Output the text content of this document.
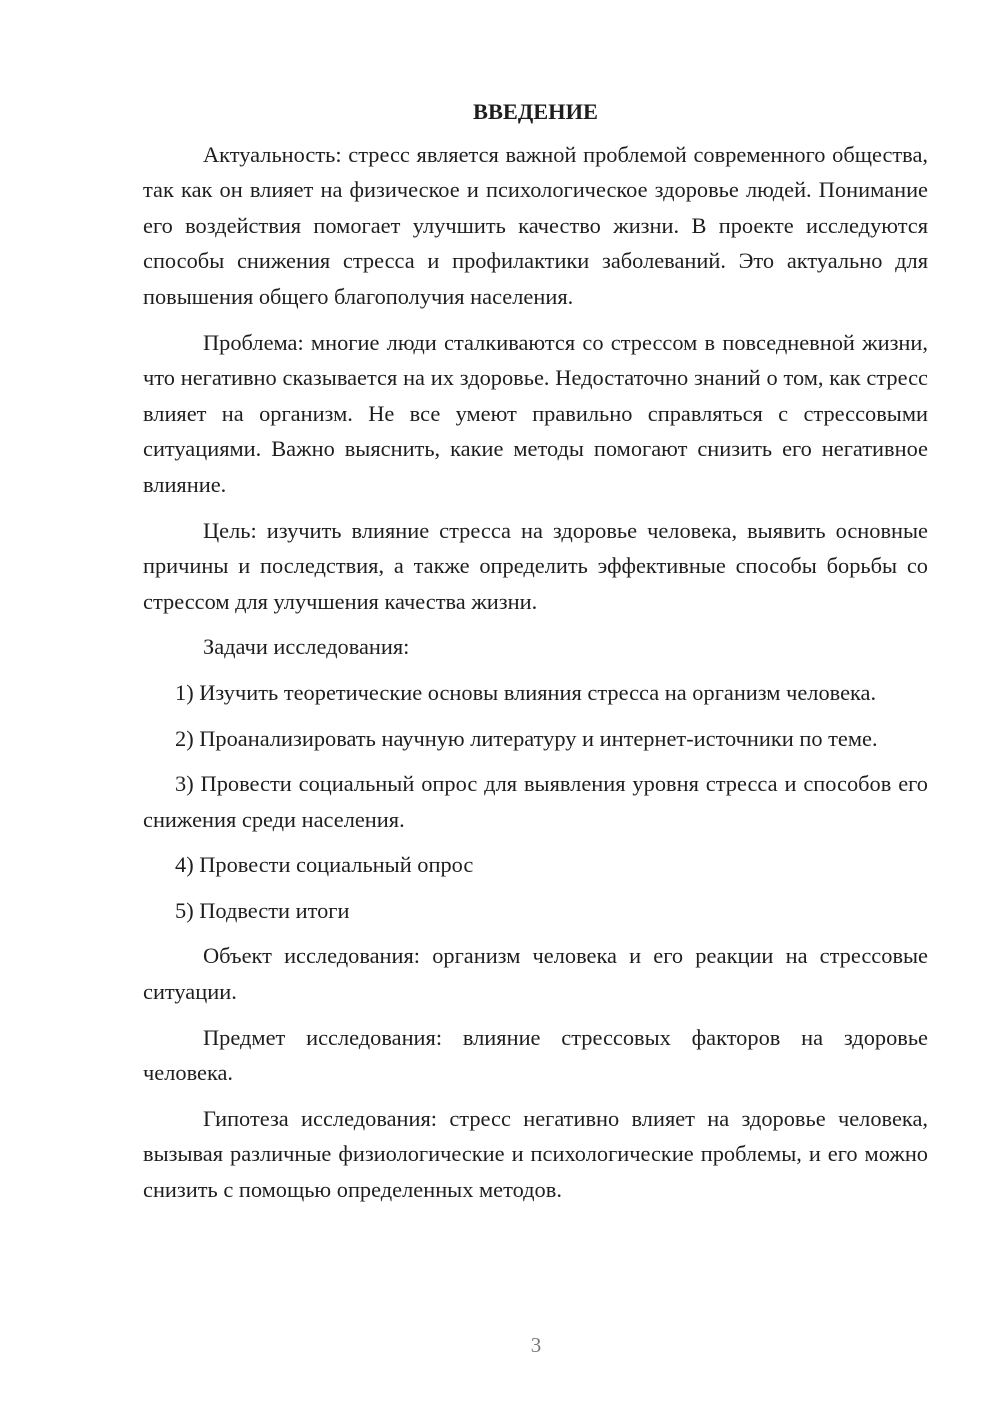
ВВЕДЕНИЕ

Актуальность: стресс является важной проблемой современного общества, так как он влияет на физическое и психологическое здоровье людей. Понимание его воздействия помогает улучшить качество жизни. В проекте исследуются способы снижения стресса и профилактики заболеваний. Это актуально для повышения общего благополучия населения.

Проблема: многие люди сталкиваются со стрессом в повседневной жизни, что негативно сказывается на их здоровье. Недостаточно знаний о том, как стресс влияет на организм. Не все умеют правильно справляться с стрессовыми ситуациями. Важно выяснить, какие методы помогают снизить его негативное влияние.

Цель: изучить влияние стресса на здоровье человека, выявить основные причины и последствия, а также определить эффективные способы борьбы со стрессом для улучшения качества жизни.

Задачи исследования:

1) Изучить теоретические основы влияния стресса на организм человека.

2) Проанализировать научную литературу и интернет-источники по теме.

3) Провести социальный опрос для выявления уровня стресса и способов его снижения среди населения.

4) Провести социальный опрос

5) Подвести итоги

Объект исследования: организм человека и его реакции на стрессовые ситуации.

Предмет исследования: влияние стрессовых факторов на здоровье человека.

Гипотеза исследования: стресс негативно влияет на здоровье человека, вызывая различные физиологические и психологические проблемы, и его можно снизить с помощью определенных методов.

3
